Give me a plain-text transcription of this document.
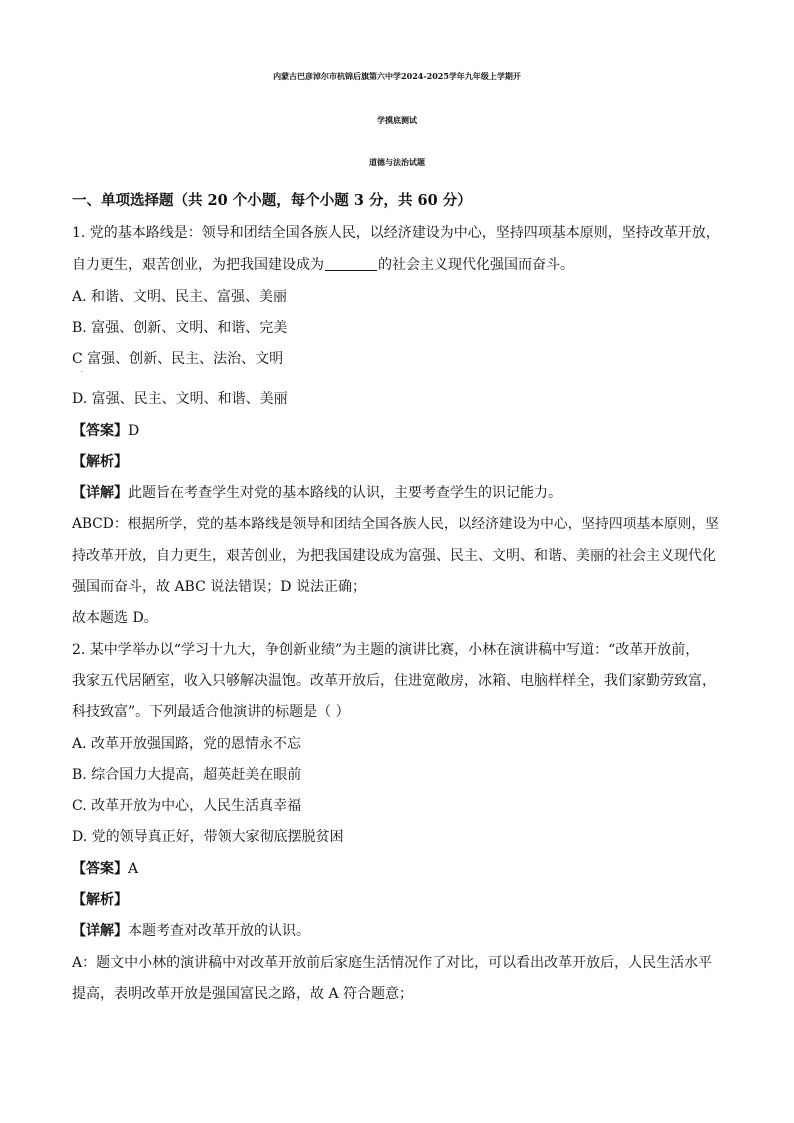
内蒙古巴彦淖尔市杭锦后旗第六中学2024-2025学年九年级上学期开
学摸底测试
道德与法治试题
一、单项选择题（共 20 个小题，每个小题 3 分，共 60 分）
1. 党的基本路线是：领导和团结全国各族人民，以经济建设为中心，坚持四项基本原则，坚持改革开放，
自力更生，艰苦创业，为把我国建设成为	的社会主义现代化强国而奋斗。
A. 和谐、文明、民主、富强、美丽
B. 富强、创新、文明、和谐、完美
C 富强、创新、民主、法治、文明
·
D. 富强、民主、文明、和谐、美丽
【答案】D
【解析】
【详解】此题旨在考查学生对党的基本路线的认识，主要考查学生的识记能力。
ABCD：根据所学，党的基本路线是领导和团结全国各族人民，以经济建设为中心，坚持四项基本原则，坚
持改革开放，自力更生，艰苦创业，为把我国建设成为富强、民主、文明、和谐、美丽的社会主义现代化
强国而奋斗，故 ABC 说法错误；D 说法正确；
故本题选 D。
2. 某中学举办以“学习十九大，争创新业绩”为主题的演讲比赛，小林在演讲稿中写道：“改革开放前，
我家五代居陋室，收入只够解决温饱。改革开放后，住进宽敞房，冰箱、电脑样样全，我们家勤劳致富，
科技致富”。下列最适合他演讲的标题是（ ）
A. 改革开放强国路，党的恩情永不忘
B. 综合国力大提高，超英赶美在眼前
C. 改革开放为中心，人民生活真幸福
D. 党的领导真正好，带领大家彻底摆脱贫困
【答案】A
【解析】
【详解】本题考查对改革开放的认识。
A：题文中小林的演讲稿中对改革开放前后家庭生活情况作了对比，可以看出改革开放后，人民生活水平
提高，表明改革开放是强国富民之路，故 A 符合题意；
